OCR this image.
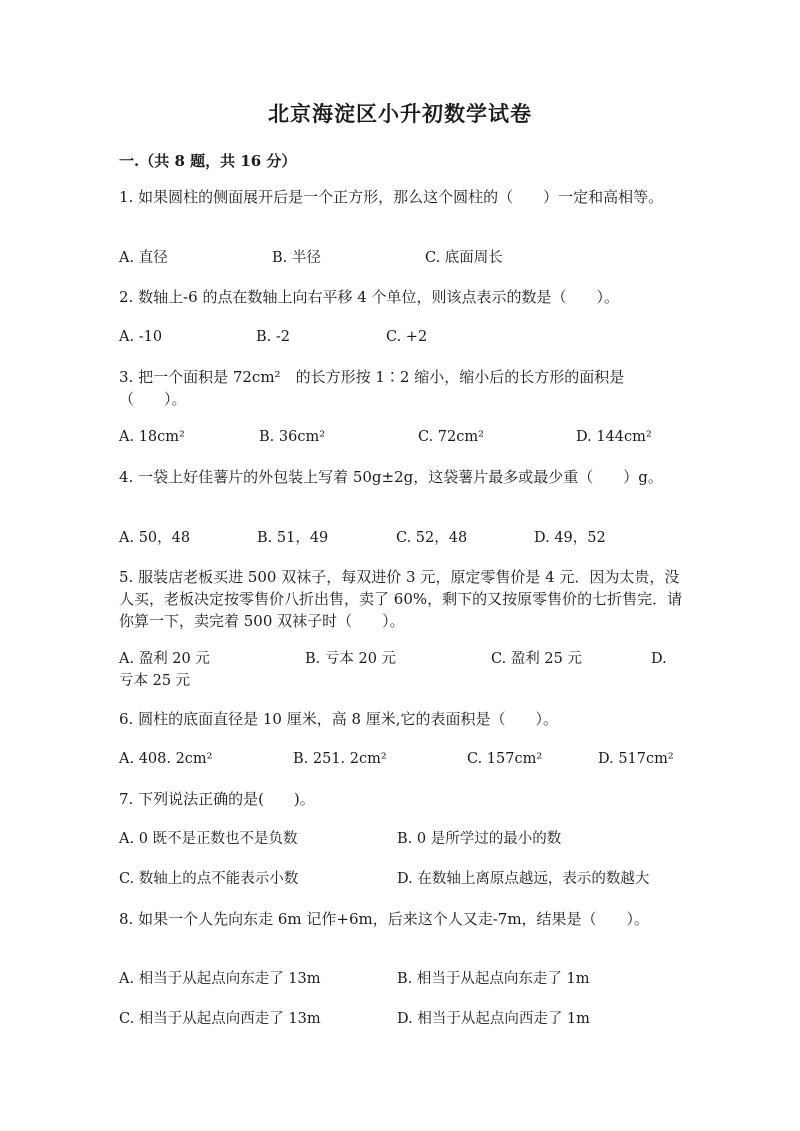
北京海淀区小升初数学试卷
一.（共 8 题，共 16 分）
1. 如果圆柱的侧面展开后是一个正方形，那么这个圆柱的（　　）一定和高相等。
A. 直径	B. 半径	C. 底面周长
2. 数轴上-6 的点在数轴上向右平移 4 个单位，则该点表示的数是（　　）。
A. -10	B. -2	C. +2
3. 把一个面积是 72cm²　的长方形按 1∶2 缩小，缩小后的长方形的面积是（　　）。
A. 18cm²	B. 36cm²	C. 72cm²	D. 144cm²
4. 一袋上好佳薯片的外包装上写着 50g±2g，这袋薯片最多或最少重（　　）g。
A. 50，48	B. 51，49	C. 52，48	D. 49，52
5. 服装店老板买进 500 双袜子，每双进价 3 元，原定零售价是 4 元．因为太贵，没人买，老板决定按零售价八折出售，卖了 60%，剩下的又按原零售价的七折售完．请你算一下，卖完着 500 双袜子时（　　）。
A. 盈利 20 元	B. 亏本 20 元	C. 盈利 25 元	D.
亏本 25 元
6. 圆柱的底面直径是 10 厘米，高 8 厘米,它的表面积是（　　）。
A. 408. 2cm²	B. 251. 2cm²	C. 157cm²	D. 517cm²
7. 下列说法正确的是(　　)。
A. 0 既不是正数也不是负数	B. 0 是所学过的最小的数
C. 数轴上的点不能表示小数	D. 在数轴上离原点越远，表示的数越大
8. 如果一个人先向东走 6m 记作+6m，后来这个人又走-7m，结果是（　　）。
A. 相当于从起点向东走了 13m	B. 相当于从起点向东走了 1m
C. 相当于从起点向西走了 13m	D. 相当于从起点向西走了 1m
